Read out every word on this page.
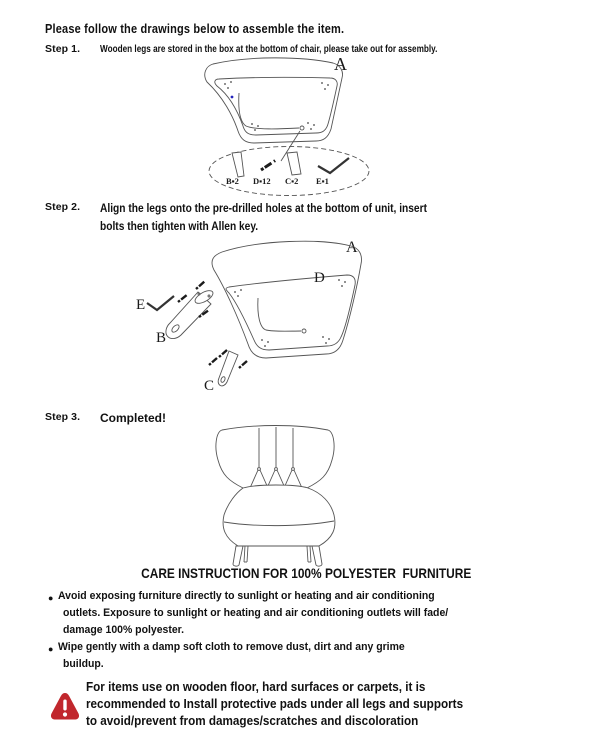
Please follow the drawings below to assemble the item.
Step 1. Wooden legs are stored in the box at the bottom of chair, please take out for assembly.
A
B▪2 D▪12 C▪2 E▪1
Step 2. Align the legs onto the pre-drilled holes at the bottom of unit, insert
bolts then tighten with Allen key.
A
D
E
B
C
Step 3. Completed!
CARE INSTRUCTION FOR 100% POLYESTER  FURNITURE
● Avoid exposing furniture directly to sunlight or heating and air conditioning
outlets. Exposure to sunlight or heating and air conditioning outlets will fade/
damage 100% polyester.
● Wipe gently with a damp soft cloth to remove dust, dirt and any grime
buildup.
For items use on wooden floor, hard surfaces or carpets, it is
recommended to Install protective pads under all legs and supports
to avoid/prevent from damages/scratches and discoloration
